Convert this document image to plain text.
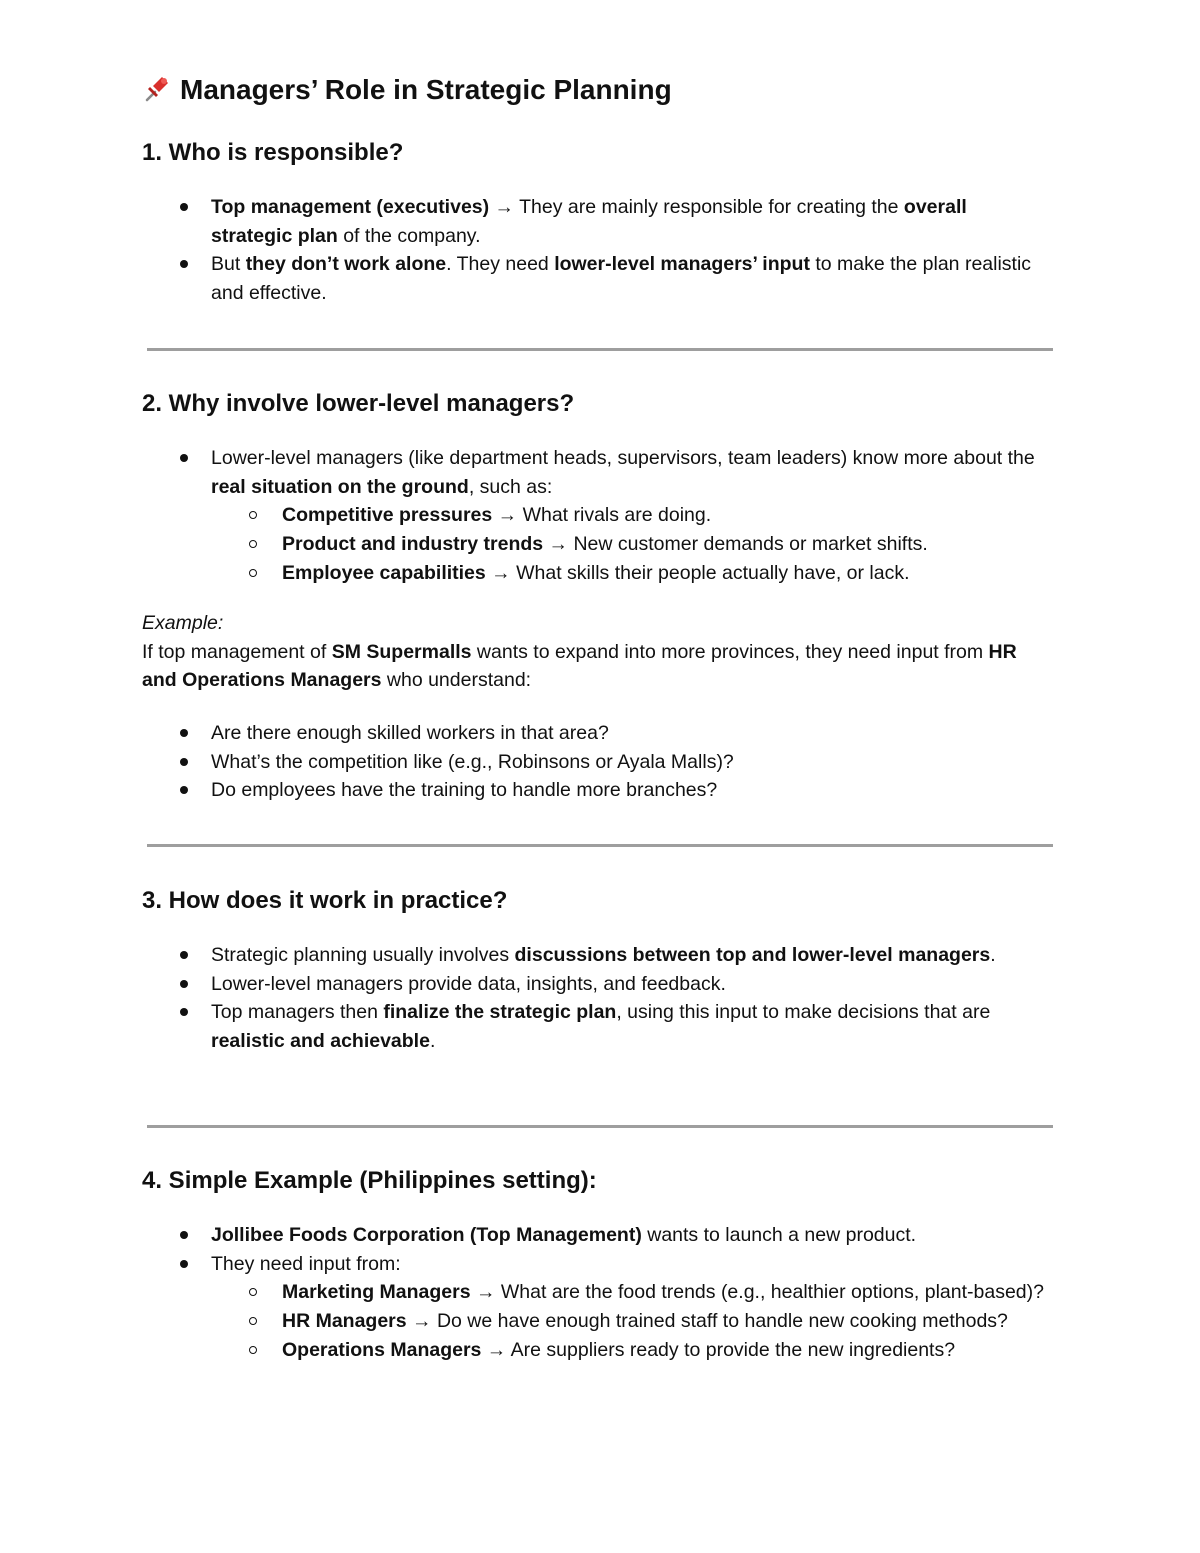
Managers’ Role in Strategic Planning
1. Who is responsible?
Top management (executives) → They are mainly responsible for creating the overall strategic plan of the company.
But they don’t work alone. They need lower-level managers’ input to make the plan realistic and effective.
2. Why involve lower-level managers?
Lower-level managers (like department heads, supervisors, team leaders) know more about the real situation on the ground, such as:
Competitive pressures → What rivals are doing.
Product and industry trends → New customer demands or market shifts.
Employee capabilities → What skills their people actually have, or lack.

Example:

If top management of SM Supermalls wants to expand into more provinces, they need input from HR and Operations Managers who understand:

Are there enough skilled workers in that area?
What’s the competition like (e.g., Robinsons or Ayala Malls)?
Do employees have the training to handle more branches?
3. How does it work in practice?
Strategic planning usually involves discussions between top and lower-level managers.
Lower-level managers provide data, insights, and feedback.
Top managers then finalize the strategic plan, using this input to make decisions that are realistic and achievable.
4. Simple Example (Philippines setting):
Jollibee Foods Corporation (Top Management) wants to launch a new product.
They need input from:
Marketing Managers → What are the food trends (e.g., healthier options, plant-based)?
HR Managers → Do we have enough trained staff to handle new cooking methods?
Operations Managers → Are suppliers ready to provide the new ingredients?
